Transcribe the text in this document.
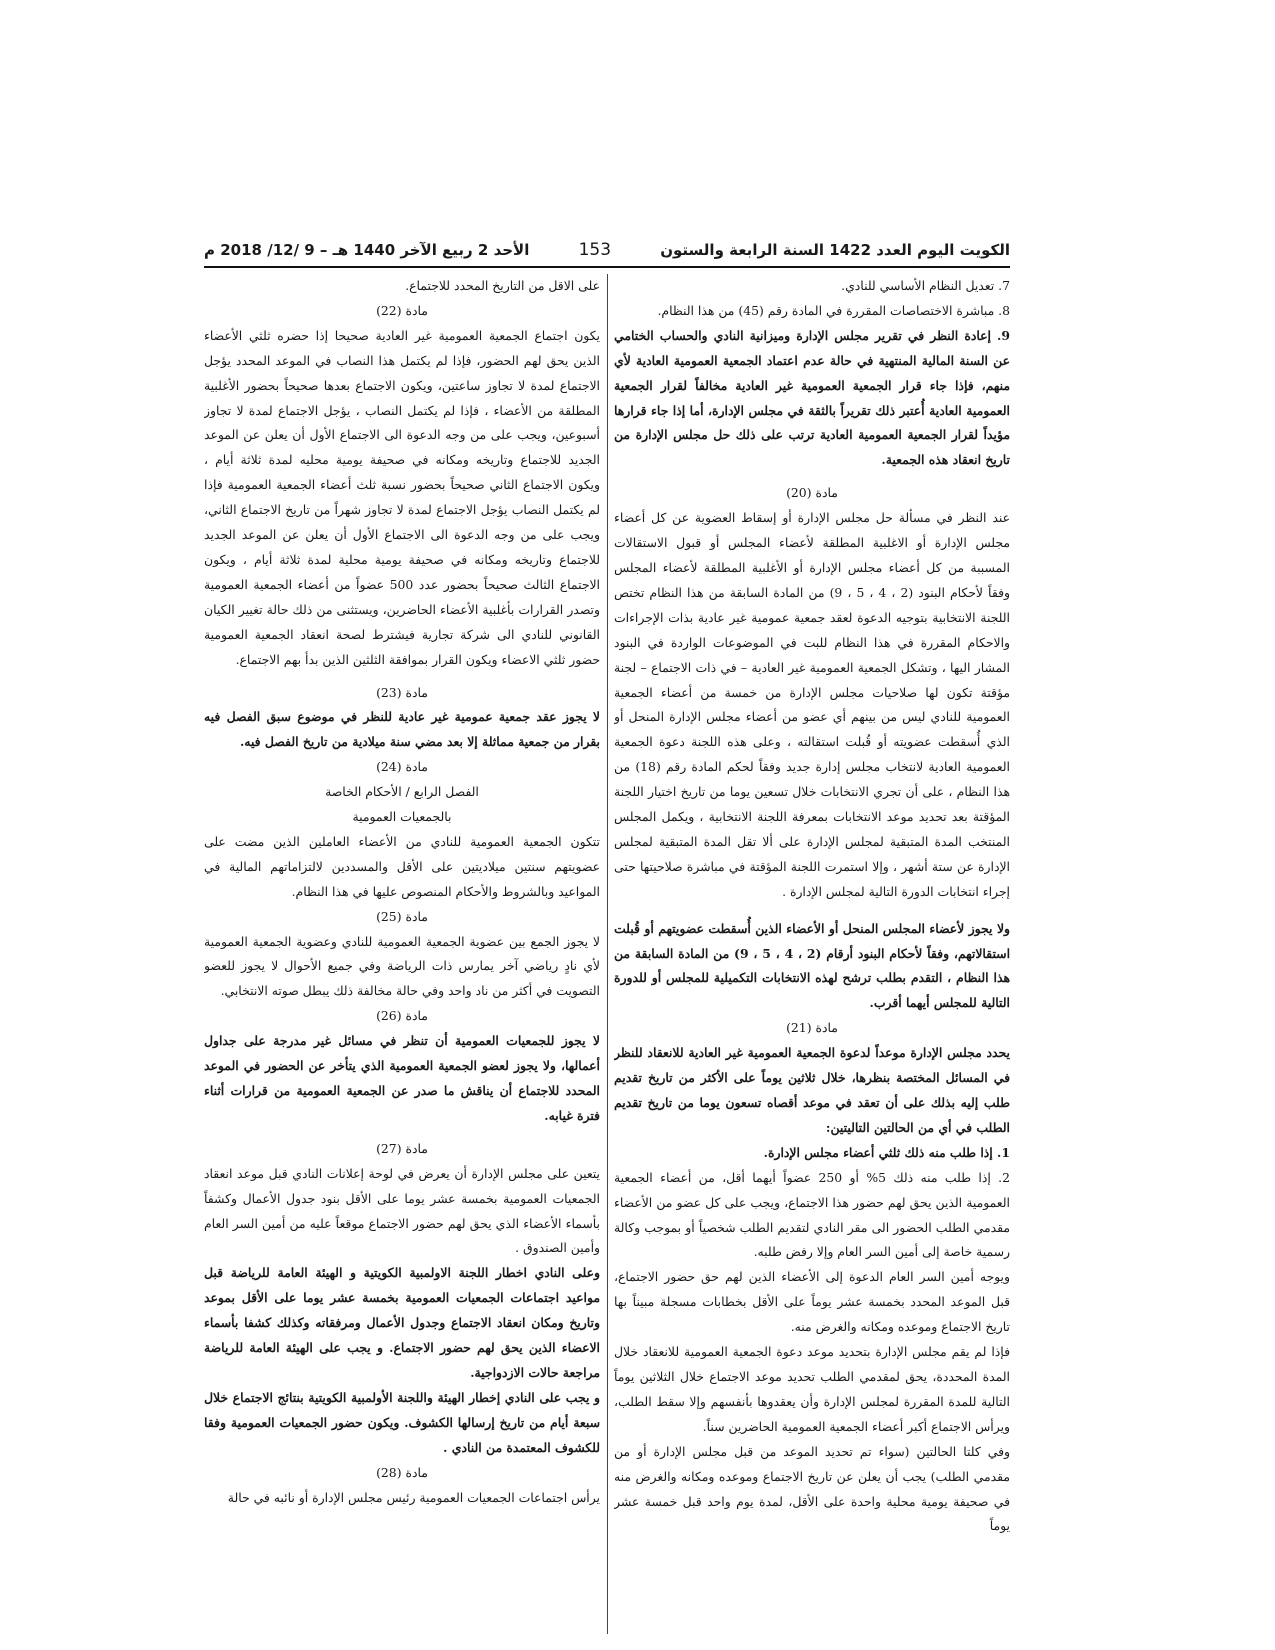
الكويت اليوم العدد 1422 السنة الرابعة والستون
153
الأحد 2 ربيع الآخر 1440 هـ – 9 /12/ 2018 م

7. تعديل النظام الأساسي للنادي.

8. مباشرة الاختصاصات المقررة في المادة رقم (45) من هذا النظام.

9. إعادة النظر في تقرير مجلس الإدارة وميزانية النادي والحساب الختامي عن السنة المالية المنتهية في حالة عدم اعتماد الجمعية العمومية العادية لأي منهم، فإذا جاء قرار الجمعية العمومية غير العادية مخالفاً لقرار الجمعية العمومية العادية أُعتبر ذلك تقريراً بالثقة في مجلس الإدارة، أما إذا جاء قرارها مؤيداً لقرار الجمعية العمومية العادية ترتب على ذلك حل مجلس الإدارة من تاريخ انعقاد هذه الجمعية.

مادة (20)

عند النظر في مسألة حل مجلس الإدارة أو إسقاط العضوية عن كل أعضاء مجلس الإدارة أو الاغلبية المطلقة لأعضاء المجلس أو قبول الاستقالات المسببة من كل أعضاء مجلس الإدارة أو الأغلبية المطلقة لأعضاء المجلس وفقاً لأحكام البنود (2 ، 4 ، 5 ، 9) من المادة السابقة من هذا النظام تختص اللجنة الانتخابية بتوجيه الدعوة لعقد جمعية عمومية غير عادية بذات الإجراءات والاحكام المقررة في هذا النظام للبت في الموضوعات الواردة في البنود المشار اليها ، وتشكل الجمعية العمومية غير العادية – في ذات الاجتماع – لجنة مؤقتة تكون لها صلاحيات مجلس الإدارة من خمسة من أعضاء الجمعية العمومية للنادي ليس من بينهم أي عضو من أعضاء مجلس الإدارة المنحل أو الذي أُسقطت عضويته أو قُبلت استقالته ، وعلى هذه اللجنة دعوة الجمعية العمومية العادية لانتخاب مجلس إدارة جديد وفقاً لحكم المادة رقم (18) من هذا النظام ، على أن تجري الانتخابات خلال تسعين يوما من تاريخ اختيار اللجنة المؤقتة بعد تحديد موعد الانتخابات بمعرفة اللجنة الانتخابية ، ويكمل المجلس المنتخب المدة المتبقية لمجلس الإدارة على ألا تقل المدة المتبقية لمجلس الإدارة عن ستة أشهر ، وإلا استمرت اللجنة المؤقتة في مباشرة صلاحيتها حتى إجراء انتخابات الدورة التالية لمجلس الإدارة .

ولا يجوز لأعضاء المجلس المنحل أو الأعضاء الذين أُسقطت عضويتهم أو قُبلت استقالاتهم، وفقاً لأحكام البنود أرقام (2 ، 4 ، 5 ، 9) من المادة السابقة من هذا النظام ، التقدم بطلب ترشح لهذه الانتخابات التكميلية للمجلس أو للدورة التالية للمجلس أيهما أقرب.

مادة (21)

يحدد مجلس الإدارة موعداً لدعوة الجمعية العمومية غير العادية للانعقاد للنظر في المسائل المختصة بنظرها، خلال ثلاثين يوماً على الأكثر من تاريخ تقديم طلب إليه بذلك على أن تعقد في موعد أقصاه تسعون يوما من تاريخ تقديم الطلب في أي من الحالتين التاليتين:

1. إذا طلب منه ذلك ثلثي أعضاء مجلس الإدارة.

2. إذا طلب منه ذلك 5% أو 250 عضواً أيهما أقل، من أعضاء الجمعية العمومية الذين يحق لهم حضور هذا الاجتماع، ويجب على كل عضو من الأعضاء مقدمي الطلب الحضور الى مقر النادي لتقديم الطلب شخصياً أو بموجب وكالة رسمية خاصة إلى أمين السر العام وإلا رفض طلبه.

ويوجه أمين السر العام الدعوة إلى الأعضاء الذين لهم حق حضور الاجتماع، قبل الموعد المحدد بخمسة عشر يوماً على الأقل بخطابات مسجلة مبيناً بها تاريخ الاجتماع وموعده ومكانه والغرض منه.

فإذا لم يقم مجلس الإدارة بتحديد موعد دعوة الجمعية العمومية للانعقاد خلال المدة المحددة، يحق لمقدمي الطلب تحديد موعد الاجتماع خلال الثلاثين يوماً التالية للمدة المقررة لمجلس الإدارة وأن يعقدوها بأنفسهم وإلا سقط الطلب، ويرأس الاجتماع أكبر أعضاء الجمعية العمومية الحاضرين سناً.

وفي كلتا الحالتين (سواء تم تحديد الموعد من قبل مجلس الإدارة أو من مقدمي الطلب) يجب أن يعلن عن تاريخ الاجتماع وموعده ومكانه والغرض منه في صحيفة يومية محلية واحدة على الأقل، لمدة يوم واحد قبل خمسة عشر يوماً

على الاقل من التاريخ المحدد للاجتماع.

مادة (22)

يكون اجتماع الجمعية العمومية غير العادية صحيحا إذا حضره ثلثي الأعضاء الذين يحق لهم الحضور، فإذا لم يكتمل هذا النصاب في الموعد المحدد يؤجل الاجتماع لمدة لا تجاوز ساعتين، ويكون الاجتماع بعدها صحيحاً بحضور الأغلبية المطلقة من الأعضاء ، فإذا لم يكتمل النصاب ، يؤجل الاجتماع لمدة لا تجاوز أسبوعين، ويجب على من وجه الدعوة الى الاجتماع الأول أن يعلن عن الموعد الجديد للاجتماع وتاريخه ومكانه في صحيفة يومية محليه لمدة ثلاثة أيام ، ويكون الاجتماع الثاني صحيحاً بحضور نسبة ثلث أعضاء الجمعية العمومية فإذا لم يكتمل النصاب يؤجل الاجتماع لمدة لا تجاوز شهراً من تاريخ الاجتماع الثاني، ويجب على من وجه الدعوة الى الاجتماع الأول أن يعلن عن الموعد الجديد للاجتماع وتاريخه ومكانه في صحيفة يومية محلية لمدة ثلاثة أيام ، ويكون الاجتماع الثالث صحيحاً بحضور عدد 500 عضواً من أعضاء الجمعية العمومية وتصدر القرارات بأغلبية الأعضاء الحاضرين، ويستثنى من ذلك حالة تغيير الكيان القانوني للنادي الى شركة تجارية فيشترط لصحة انعقاد الجمعية العمومية حضور ثلثي الاعضاء ويكون القرار بموافقة الثلثين الذين بدأ بهم الاجتماع.

مادة (23)

لا يجوز عقد جمعية عمومية غير عادية للنظر في موضوع سبق الفصل فيه بقرار من جمعية مماثلة إلا بعد مضي سنة ميلادية من تاريخ الفصل فيه.

مادة (24)

الفصل الرابع / الأحكام الخاصة

بالجمعيات العمومية

تتكون الجمعية العمومية للنادي من الأعضاء العاملين الذين مضت على عضويتهم سنتين ميلاديتين على الأقل والمسددين لالتزاماتهم المالية في المواعيد وبالشروط والأحكام المنصوص عليها في هذا النظام.

مادة (25)

لا يجوز الجمع بين عضوية الجمعية العمومية للنادي وعضوية الجمعية العمومية لأي نادٍ رياضي آخر يمارس ذات الرياضة وفي جميع الأحوال لا يجوز للعضو التصويت في أكثر من ناد واحد وفي حالة مخالفة ذلك يبطل صوته الانتخابي.

مادة (26)

لا يجوز للجمعيات العمومية أن تنظر في مسائل غير مدرجة على جداول أعمالها، ولا يجوز لعضو الجمعية العمومية الذي يتأخر عن الحضور في الموعد المحدد للاجتماع أن يناقش ما صدر عن الجمعية العمومية من قرارات أثناء فترة غيابه.

مادة (27)

يتعين على مجلس الإدارة أن يعرض في لوحة إعلانات النادي قبل موعد انعقاد الجمعيات العمومية بخمسة عشر يوما على الأقل بنود جدول الأعمال وكشفاً بأسماء الأعضاء الذي يحق لهم حضور الاجتماع موقعاً عليه من أمين السر العام وأمين الصندوق .

وعلى النادي اخطار اللجنة الاولمبية الكويتية و الهيئة العامة للرياضة قبل مواعيد اجتماعات الجمعيات العمومية بخمسة عشر يوما على الأقل بموعد وتاريخ ومكان انعقاد الاجتماع وجدول الأعمال ومرفقاته وكذلك كشفا بأسماء الاعضاء الذين يحق لهم حضور الاجتماع. و يجب على الهيئة العامة للرياضة مراجعة حالات الازدواجية.

و يجب على النادي إخطار الهيئة واللجنة الأولمبية الكويتية بنتائج الاجتماع خلال سبعة أيام من تاريخ إرسالها الكشوف. ويكون حضور الجمعيات العمومية وفقا للكشوف المعتمدة من النادي .

مادة (28)

يرأس اجتماعات الجمعيات العمومية رئيس مجلس الإدارة أو نائبه في حالة
